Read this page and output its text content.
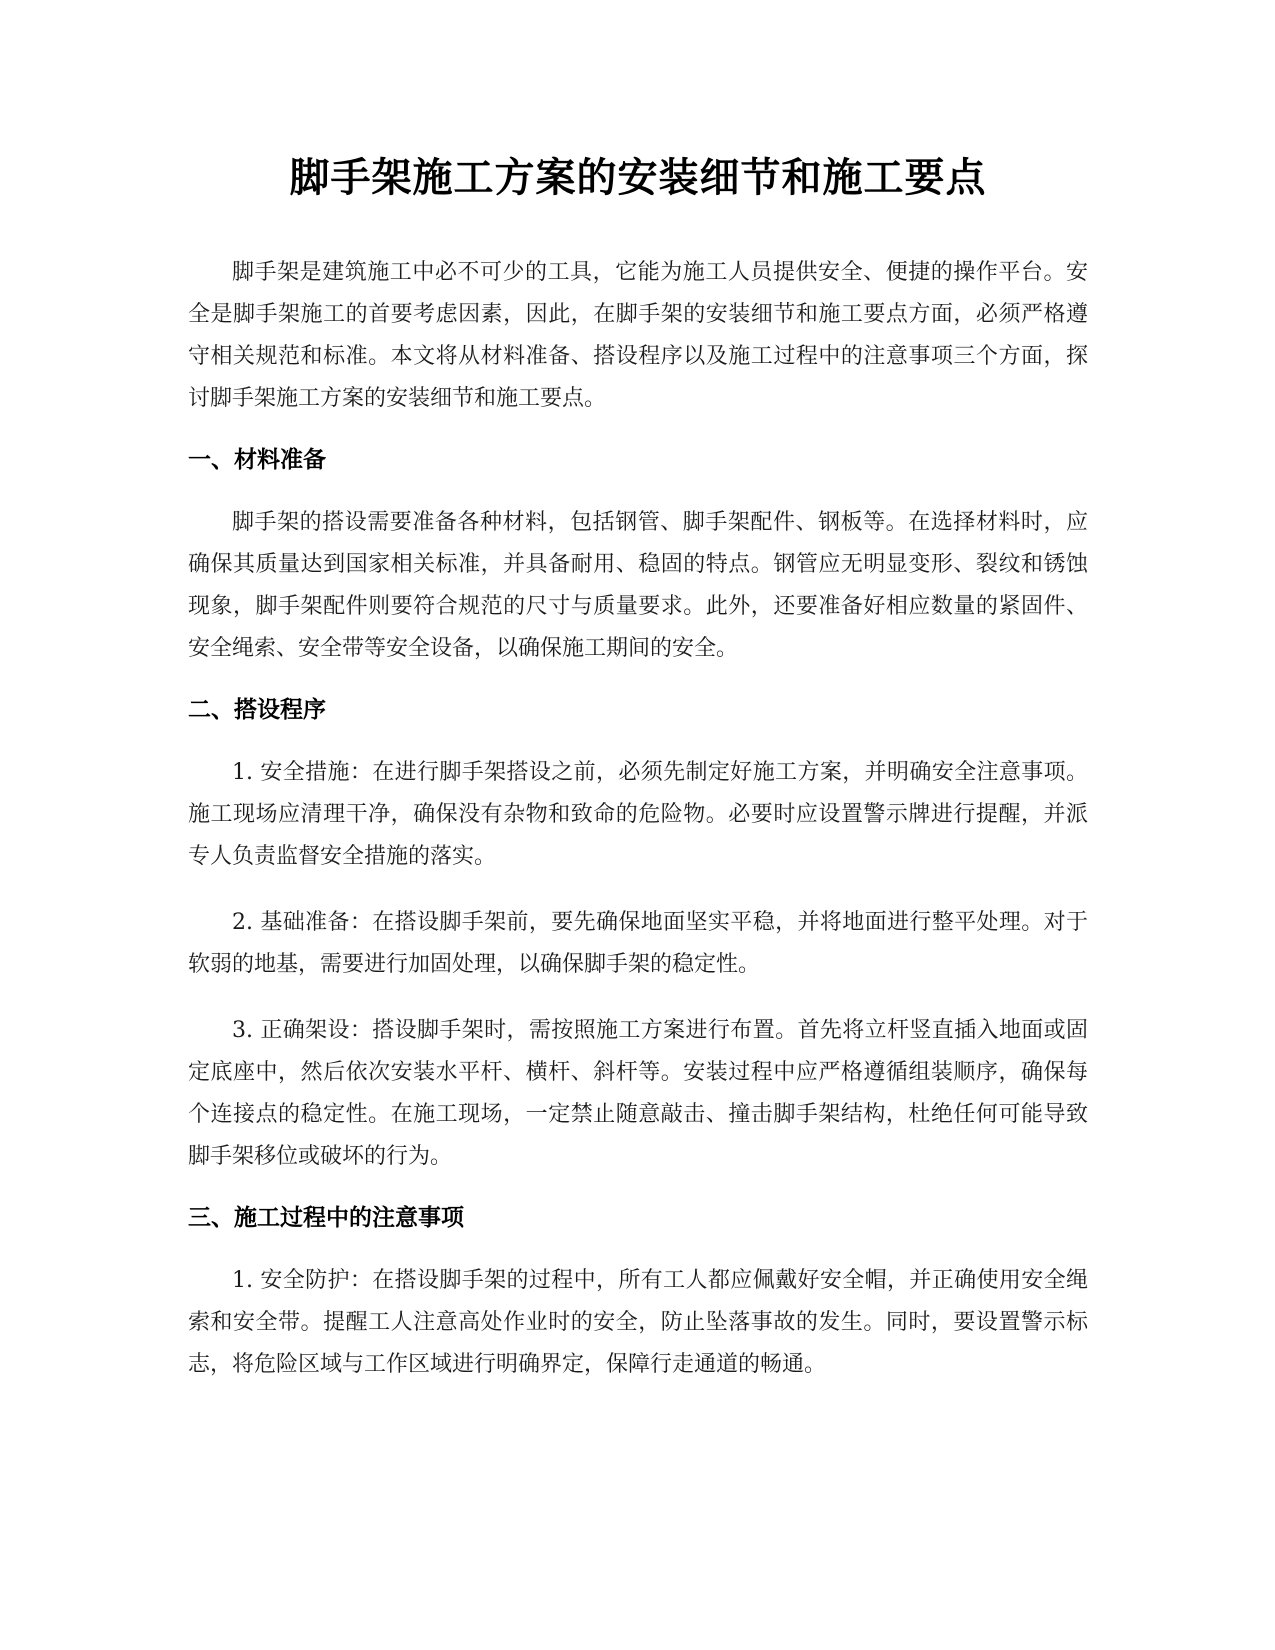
脚手架施工方案的安装细节和施工要点

脚手架是建筑施工中必不可少的工具，它能为施工人员提供安全、便捷的操作平台。安全是脚手架施工的首要考虑因素，因此，在脚手架的安装细节和施工要点方面，必须严格遵守相关规范和标准。本文将从材料准备、搭设程序以及施工过程中的注意事项三个方面，探讨脚手架施工方案的安装细节和施工要点。

一、材料准备

脚手架的搭设需要准备各种材料，包括钢管、脚手架配件、钢板等。在选择材料时，应确保其质量达到国家相关标准，并具备耐用、稳固的特点。钢管应无明显变形、裂纹和锈蚀现象，脚手架配件则要符合规范的尺寸与质量要求。此外，还要准备好相应数量的紧固件、安全绳索、安全带等安全设备，以确保施工期间的安全。

二、搭设程序

1. 安全措施：在进行脚手架搭设之前，必须先制定好施工方案，并明确安全注意事项。施工现场应清理干净，确保没有杂物和致命的危险物。必要时应设置警示牌进行提醒，并派专人负责监督安全措施的落实。

2. 基础准备：在搭设脚手架前，要先确保地面坚实平稳，并将地面进行整平处理。对于软弱的地基，需要进行加固处理，以确保脚手架的稳定性。

3. 正确架设：搭设脚手架时，需按照施工方案进行布置。首先将立杆竖直插入地面或固定底座中，然后依次安装水平杆、横杆、斜杆等。安装过程中应严格遵循组装顺序，确保每个连接点的稳定性。在施工现场，一定禁止随意敲击、撞击脚手架结构，杜绝任何可能导致脚手架移位或破坏的行为。

三、施工过程中的注意事项

1. 安全防护：在搭设脚手架的过程中，所有工人都应佩戴好安全帽，并正确使用安全绳索和安全带。提醒工人注意高处作业时的安全，防止坠落事故的发生。同时，要设置警示标志，将危险区域与工作区域进行明确界定，保障行走通道的畅通。
